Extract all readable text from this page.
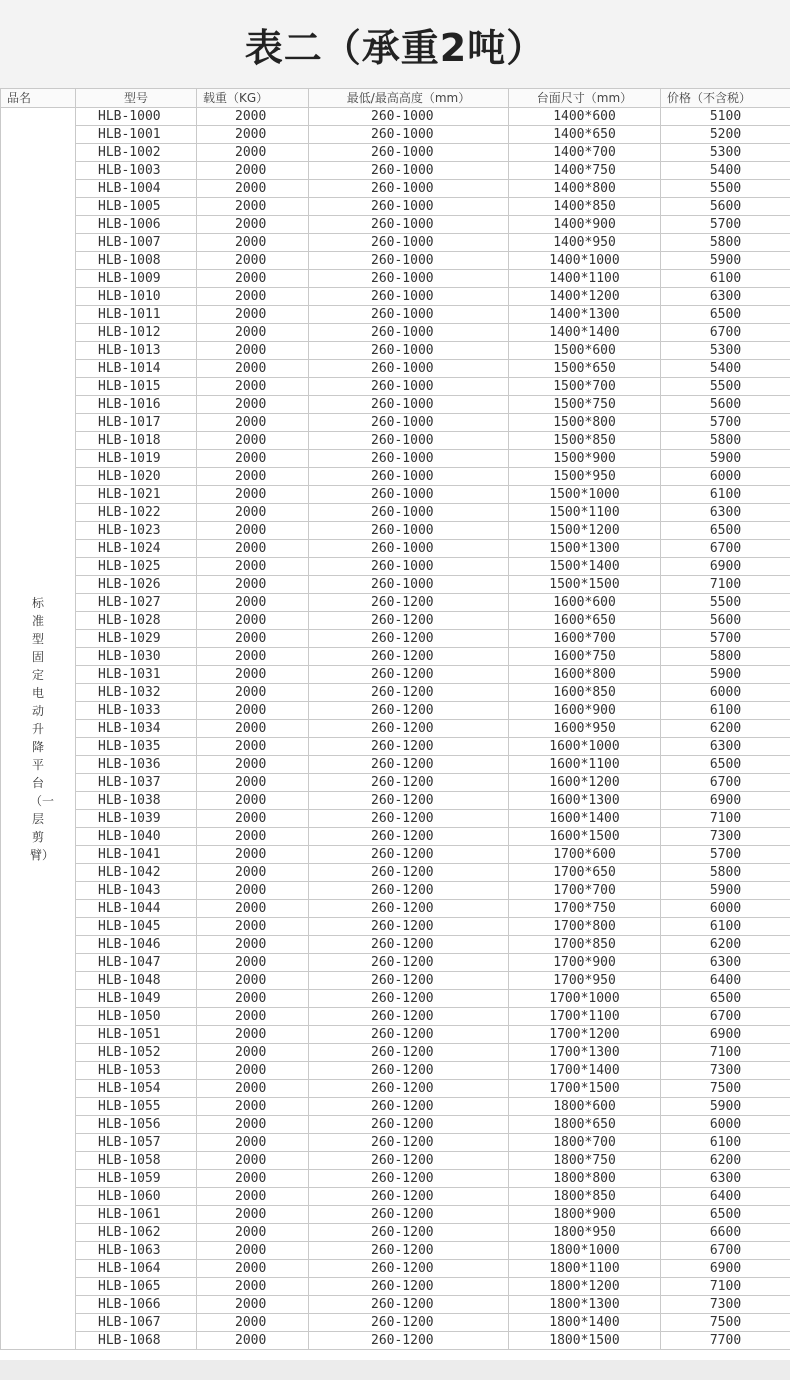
表二（承重2吨）
品名	型号	载重（KG）	最低/最高高度（mm）	台面尺寸（mm）	价格（不含税）
标准型固定电动升降平台（一层剪臂）	HLB-1000	2000	260-1000	1400*600	5100
	HLB-1001	2000	260-1000	1400*650	5200
	HLB-1002	2000	260-1000	1400*700	5300
	HLB-1003	2000	260-1000	1400*750	5400
	HLB-1004	2000	260-1000	1400*800	5500
	HLB-1005	2000	260-1000	1400*850	5600
	HLB-1006	2000	260-1000	1400*900	5700
	HLB-1007	2000	260-1000	1400*950	5800
	HLB-1008	2000	260-1000	1400*1000	5900
	HLB-1009	2000	260-1000	1400*1100	6100
	HLB-1010	2000	260-1000	1400*1200	6300
	HLB-1011	2000	260-1000	1400*1300	6500
	HLB-1012	2000	260-1000	1400*1400	6700
	HLB-1013	2000	260-1000	1500*600	5300
	HLB-1014	2000	260-1000	1500*650	5400
	HLB-1015	2000	260-1000	1500*700	5500
	HLB-1016	2000	260-1000	1500*750	5600
	HLB-1017	2000	260-1000	1500*800	5700
	HLB-1018	2000	260-1000	1500*850	5800
	HLB-1019	2000	260-1000	1500*900	5900
	HLB-1020	2000	260-1000	1500*950	6000
	HLB-1021	2000	260-1000	1500*1000	6100
	HLB-1022	2000	260-1000	1500*1100	6300
	HLB-1023	2000	260-1000	1500*1200	6500
	HLB-1024	2000	260-1000	1500*1300	6700
	HLB-1025	2000	260-1000	1500*1400	6900
	HLB-1026	2000	260-1000	1500*1500	7100
	HLB-1027	2000	260-1200	1600*600	5500
	HLB-1028	2000	260-1200	1600*650	5600
	HLB-1029	2000	260-1200	1600*700	5700
	HLB-1030	2000	260-1200	1600*750	5800
	HLB-1031	2000	260-1200	1600*800	5900
	HLB-1032	2000	260-1200	1600*850	6000
	HLB-1033	2000	260-1200	1600*900	6100
	HLB-1034	2000	260-1200	1600*950	6200
	HLB-1035	2000	260-1200	1600*1000	6300
	HLB-1036	2000	260-1200	1600*1100	6500
	HLB-1037	2000	260-1200	1600*1200	6700
	HLB-1038	2000	260-1200	1600*1300	6900
	HLB-1039	2000	260-1200	1600*1400	7100
	HLB-1040	2000	260-1200	1600*1500	7300
	HLB-1041	2000	260-1200	1700*600	5700
	HLB-1042	2000	260-1200	1700*650	5800
	HLB-1043	2000	260-1200	1700*700	5900
	HLB-1044	2000	260-1200	1700*750	6000
	HLB-1045	2000	260-1200	1700*800	6100
	HLB-1046	2000	260-1200	1700*850	6200
	HLB-1047	2000	260-1200	1700*900	6300
	HLB-1048	2000	260-1200	1700*950	6400
	HLB-1049	2000	260-1200	1700*1000	6500
	HLB-1050	2000	260-1200	1700*1100	6700
	HLB-1051	2000	260-1200	1700*1200	6900
	HLB-1052	2000	260-1200	1700*1300	7100
	HLB-1053	2000	260-1200	1700*1400	7300
	HLB-1054	2000	260-1200	1700*1500	7500
	HLB-1055	2000	260-1200	1800*600	5900
	HLB-1056	2000	260-1200	1800*650	6000
	HLB-1057	2000	260-1200	1800*700	6100
	HLB-1058	2000	260-1200	1800*750	6200
	HLB-1059	2000	260-1200	1800*800	6300
	HLB-1060	2000	260-1200	1800*850	6400
	HLB-1061	2000	260-1200	1800*900	6500
	HLB-1062	2000	260-1200	1800*950	6600
	HLB-1063	2000	260-1200	1800*1000	6700
	HLB-1064	2000	260-1200	1800*1100	6900
	HLB-1065	2000	260-1200	1800*1200	7100
	HLB-1066	2000	260-1200	1800*1300	7300
	HLB-1067	2000	260-1200	1800*1400	7500
	HLB-1068	2000	260-1200	1800*1500	7700
